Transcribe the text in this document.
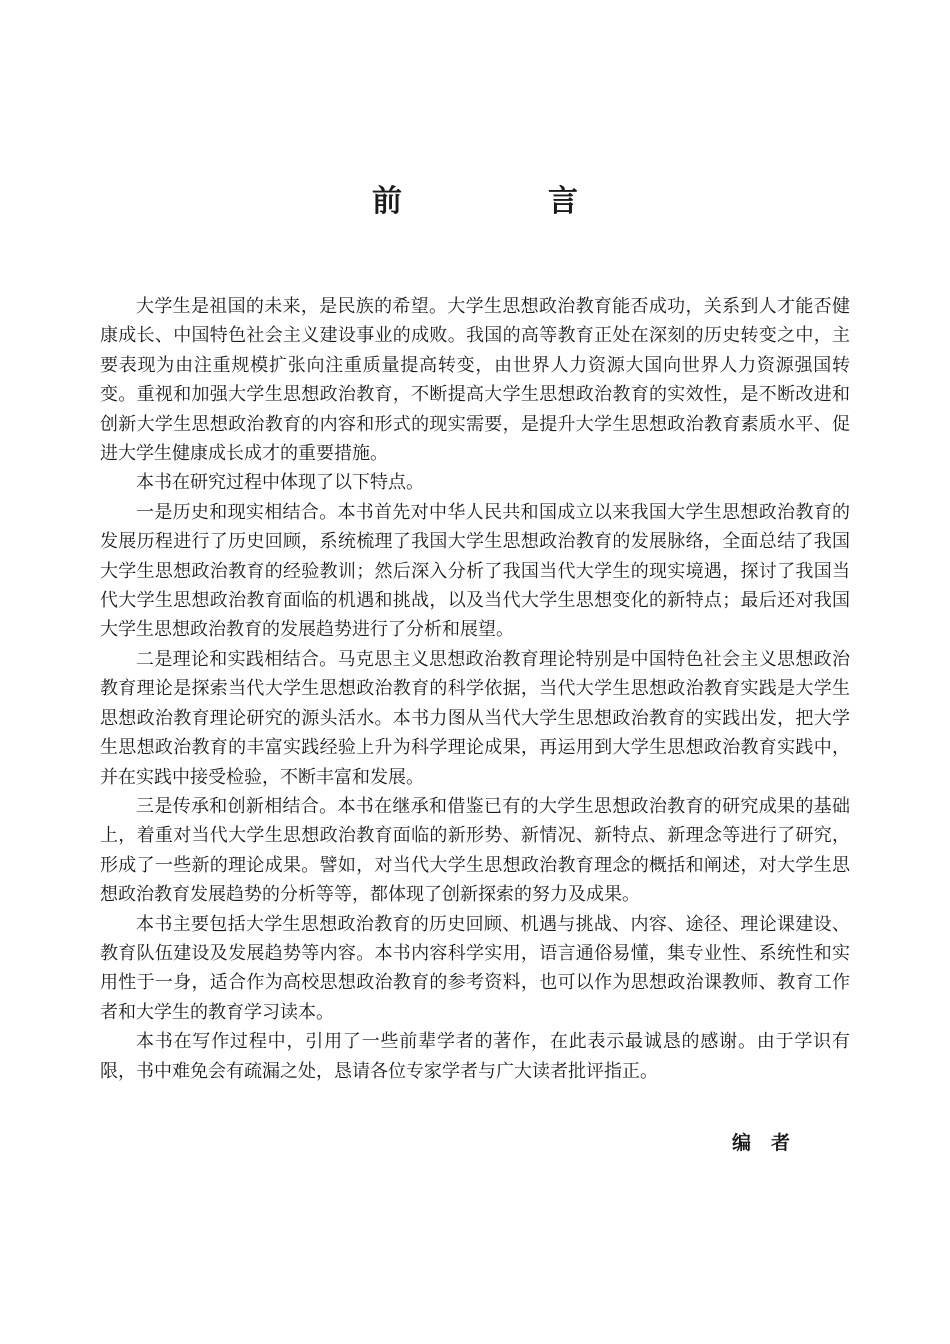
前　言

大学生是祖国的未来，是民族的希望。大学生思想政治教育能否成功，关系到人才能否健康成长、中国特色社会主义建设事业的成败。我国的高等教育正处在深刻的历史转变之中，主要表现为由注重规模扩张向注重质量提高转变，由世界人力资源大国向世界人力资源强国转变。重视和加强大学生思想政治教育，不断提高大学生思想政治教育的实效性，是不断改进和创新大学生思想政治教育的内容和形式的现实需要，是提升大学生思想政治教育素质水平、促进大学生健康成长成才的重要措施。

本书在研究过程中体现了以下特点。

一是历史和现实相结合。本书首先对中华人民共和国成立以来我国大学生思想政治教育的发展历程进行了历史回顾，系统梳理了我国大学生思想政治教育的发展脉络，全面总结了我国大学生思想政治教育的经验教训；然后深入分析了我国当代大学生的现实境遇，探讨了我国当代大学生思想政治教育面临的机遇和挑战，以及当代大学生思想变化的新特点；最后还对我国大学生思想政治教育的发展趋势进行了分析和展望。

二是理论和实践相结合。马克思主义思想政治教育理论特别是中国特色社会主义思想政治教育理论是探索当代大学生思想政治教育的科学依据，当代大学生思想政治教育实践是大学生思想政治教育理论研究的源头活水。本书力图从当代大学生思想政治教育的实践出发，把大学生思想政治教育的丰富实践经验上升为科学理论成果，再运用到大学生思想政治教育实践中，并在实践中接受检验，不断丰富和发展。

三是传承和创新相结合。本书在继承和借鉴已有的大学生思想政治教育的研究成果的基础上，着重对当代大学生思想政治教育面临的新形势、新情况、新特点、新理念等进行了研究，形成了一些新的理论成果。譬如，对当代大学生思想政治教育理念的概括和阐述，对大学生思想政治教育发展趋势的分析等等，都体现了创新探索的努力及成果。

本书主要包括大学生思想政治教育的历史回顾、机遇与挑战、内容、途径、理论课建设、教育队伍建设及发展趋势等内容。本书内容科学实用，语言通俗易懂，集专业性、系统性和实用性于一身，适合作为高校思想政治教育的参考资料，也可以作为思想政治课教师、教育工作者和大学生的教育学习读本。

本书在写作过程中，引用了一些前辈学者的著作，在此表示最诚恳的感谢。由于学识有限，书中难免会有疏漏之处，恳请各位专家学者与广大读者批评指正。

编者
